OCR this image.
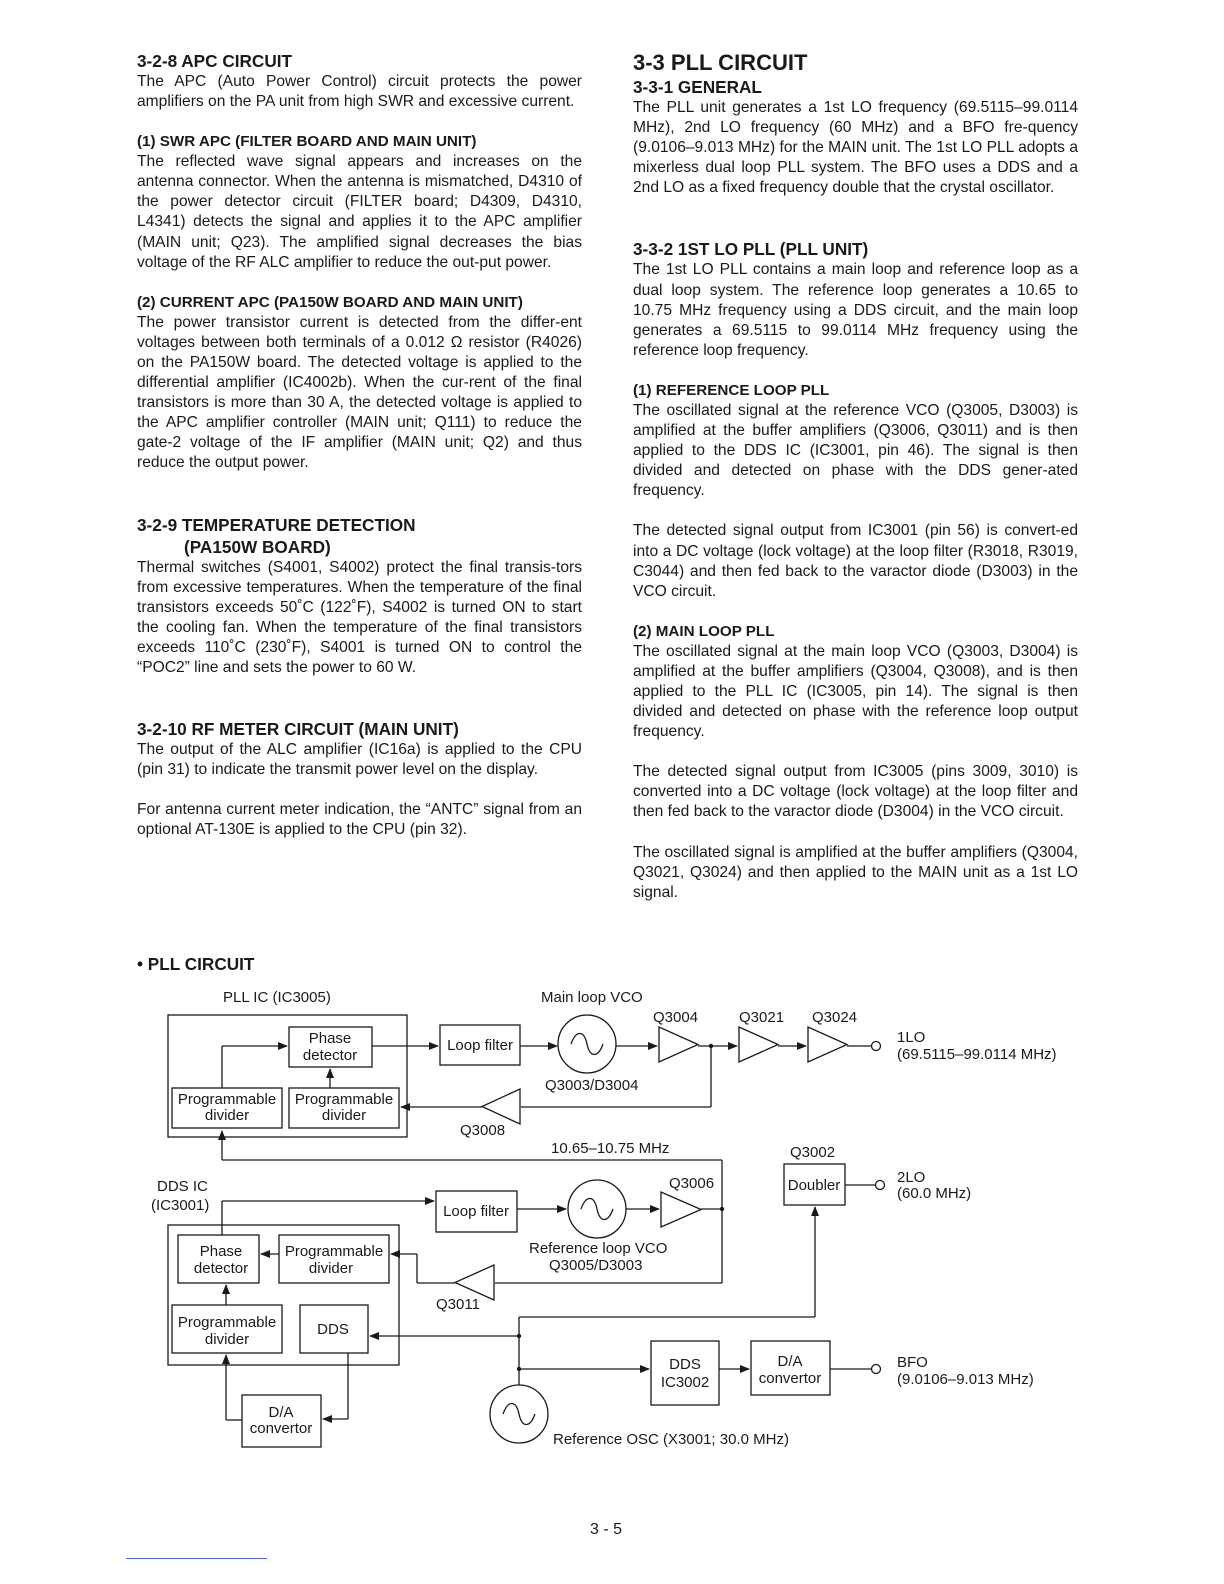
3-2-8 APC CIRCUIT

The APC (Auto Power Control) circuit protects the power amplifiers on the PA unit from high SWR and excessive current.

(1) SWR APC (FILTER BOARD AND MAIN UNIT)

The reflected wave signal appears and increases on the antenna connector. When the antenna is mismatched, D4310 of the power detector circuit (FILTER board; D4309, D4310, L4341) detects the signal and applies it to the APC amplifier (MAIN unit; Q23). The amplified signal decreases the bias voltage of the RF ALC amplifier to reduce the out-put power.

(2) CURRENT APC (PA150W BOARD AND MAIN UNIT)

The power transistor current is detected from the differ-ent voltages between both terminals of a 0.012 Ω resistor (R4026) on the PA150W board. The detected voltage is applied to the differential amplifier (IC4002b). When the cur-rent of the final transistors is more than 30 A, the detected voltage is applied to the APC amplifier controller (MAIN unit; Q111) to reduce the gate-2 voltage of the IF amplifier (MAIN unit; Q2) and thus reduce the output power.

3-2-9 TEMPERATURE DETECTION
(PA150W BOARD)

Thermal switches (S4001, S4002) protect the final transis-tors from excessive temperatures. When the temperature of the final transistors exceeds 50˚C (122˚F), S4002 is turned ON to start the cooling fan. When the temperature of the final transistors exceeds 110˚C (230˚F), S4001 is turned ON to control the “POC2” line and sets the power to 60 W.

3-2-10 RF METER CIRCUIT (MAIN UNIT)

The output of the ALC amplifier (IC16a) is applied to the CPU (pin 31) to indicate the transmit power level on the display.

For antenna current meter indication, the “ANTC” signal from an optional AT-130E is applied to the CPU (pin 32).

3-3 PLL CIRCUIT
3-3-1 GENERAL

The PLL unit generates a 1st LO frequency (69.5115–99.0114 MHz), 2nd LO frequency (60 MHz) and a BFO fre-quency (9.0106–9.013 MHz) for the MAIN unit. The 1st LO PLL adopts a mixerless dual loop PLL system. The BFO uses a DDS and a 2nd LO as a fixed frequency double that the crystal oscillator.

3-3-2 1ST LO PLL (PLL UNIT)

The 1st LO PLL contains a main loop and reference loop as a dual loop system. The reference loop generates a 10.65 to 10.75 MHz frequency using a DDS circuit, and the main loop generates a 69.5115 to 99.0114 MHz frequency using the reference loop frequency.

(1) REFERENCE LOOP PLL

The oscillated signal at the reference VCO (Q3005, D3003) is amplified at the buffer amplifiers (Q3006, Q3011) and is then applied to the DDS IC (IC3001, pin 46). The signal is then divided and detected on phase with the DDS gener-ated frequency.

The detected signal output from IC3001 (pin 56) is convert-ed into a DC voltage (lock voltage) at the loop filter (R3018, R3019, C3044) and then fed back to the varactor diode (D3003) in the VCO circuit.

(2) MAIN LOOP PLL

The oscillated signal at the main loop VCO (Q3003, D3004) is amplified at the buffer amplifiers (Q3004, Q3008), and is then applied to the PLL IC (IC3005, pin 14). The signal is then divided and detected on phase with the reference loop output frequency.

The detected signal output from IC3005 (pins 3009, 3010) is converted into a DC voltage (lock voltage) at the loop filter and then fed back to the varactor diode (D3004) in the VCO circuit.

The oscillated signal is amplified at the buffer amplifiers (Q3004, Q3021, Q3024) and then applied to the MAIN unit as a 1st LO signal.

• PLL CIRCUIT
PLL IC (IC3005)	Main loop VCO
Phase
detector
Programmable
divider
Programmable
divider
Loop filter
Q3004	Q3021 Q3024
Q3003/D3004
Q3008
1LO
(69.5115–99.0114 MHz)
10.65–10.75 MHz	Q3002
Doubler	2LO
(60.0 MHz)
DDS IC
(IC3001)	Loop filter
Q3006
Reference loop VCO
Q3005/D3003
Q3011
Phase
detector
Programmable
divider
Programmable
divider
DDS
DDS
IC3002
D/A
convertor
BFO
(9.0106–9.013 MHz)
Reference OSC (X3001; 30.0 MHz)
D/A
convertor
3 - 5
